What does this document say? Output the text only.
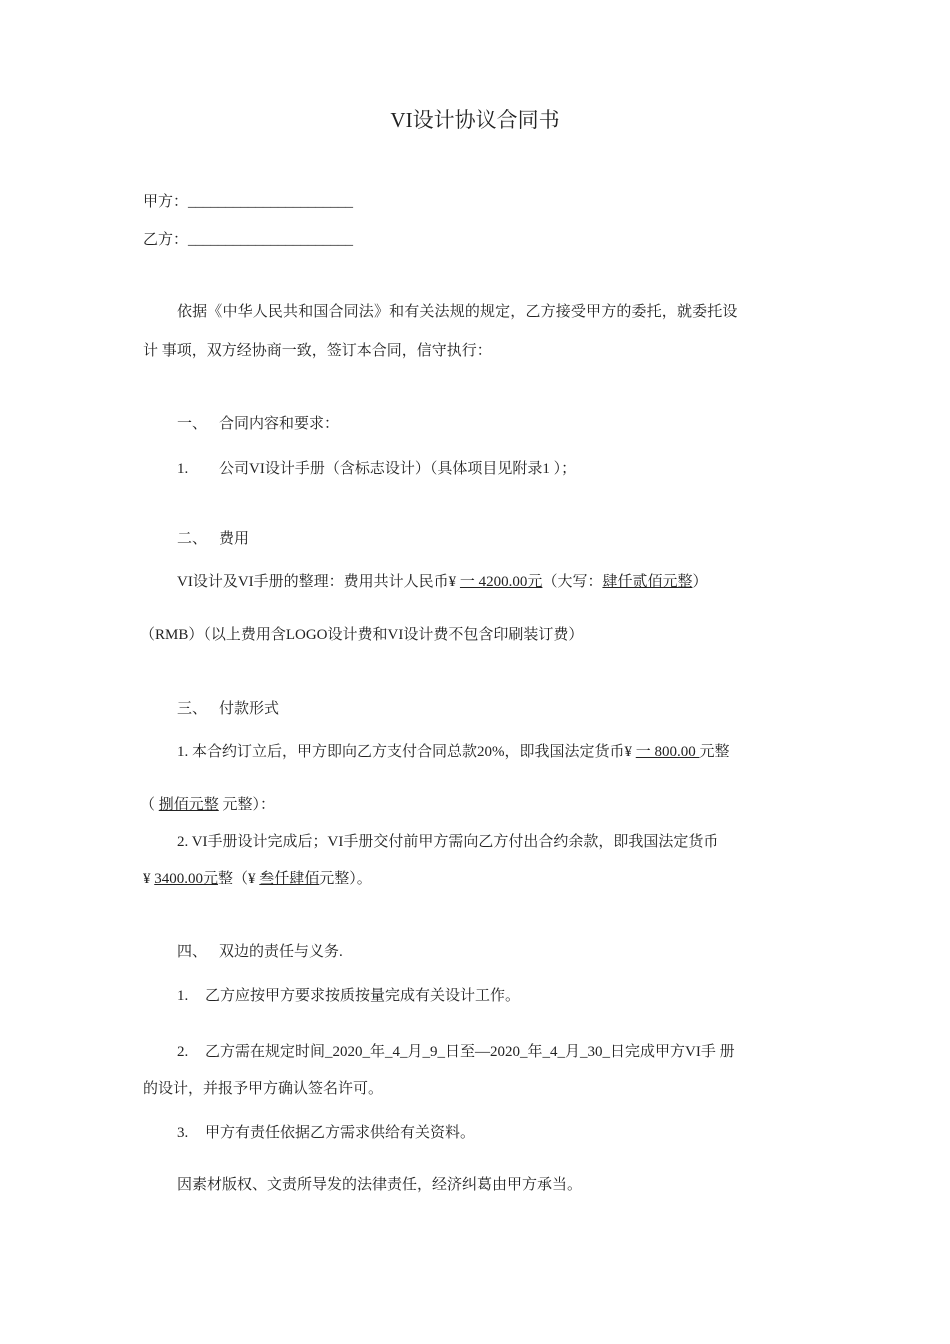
VI设计协议合同书
甲方：______________________
乙方：______________________
依据《中华人民共和国合同法》和有关法规的规定，乙方接受甲方的委托，就委托设
计 事项，双方经协商一致，签订本合同，信守执行：
一、 合同内容和要求：
1. 公司VI设计手册（含标志设计）（具体项目见附录1 ）；
二、 费用
VI设计及VI手册的整理：费用共计人民币¥ 一 4200.00元（大写：肆仟贰佰元整）
（RMB）（以上费用含LOGO设计费和VI设计费不包含印刷装订费）
三、 付款形式
1. 本合约订立后，甲方即向乙方支付合同总款20%，即我国法定货币¥ 一 800.00 元整
（ 捌佰元整 元整）：
2. VI手册设计完成后；VI手册交付前甲方需向乙方付出合约余款，即我国法定货币
¥ 3400.00元整（¥ 叁仟肆佰元整）。
四、 双边的责任与义务.
1. 乙方应按甲方要求按质按量完成有关设计工作。
2. 乙方需在规定时间_2020_年_4_月_9_日至—2020_年_4_月_30_日完成甲方VI手 册
的设计，并报予甲方确认签名许可。
3. 甲方有责任依据乙方需求供给有关资料。
因素材版权、文责所导发的法律责任，经济纠葛由甲方承当。
